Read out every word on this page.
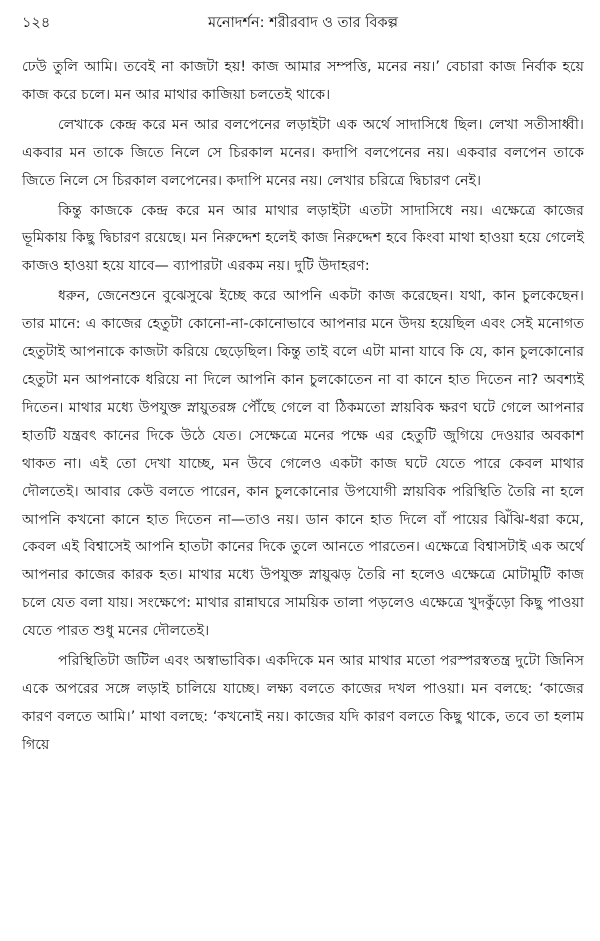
১২৪	মনোদর্শন: শরীরবাদ ও তার বিকল্প

ঢেউ তুলি আমি। তবেই না কাজটা হয়! কাজ আমার সম্পত্তি, মনের নয়।’ বেচারা কাজ নির্বাক হয়ে কাজ করে চলে। মন আর মাথার কাজিয়া চলতেই থাকে।

লেখাকে কেন্দ্র করে মন আর বলপেনের লড়াইটা এক অর্থে সাদাসিধে ছিল। লেখা সতীসাধ্বী। একবার মন তাকে জিতে নিলে সে চিরকাল মনের। কদাপি বলপেনের নয়। একবার বলপেন তাকে জিতে নিলে সে চিরকাল বলপেনের। কদাপি মনের নয়। লেখার চরিত্রে দ্বিচারণ নেই।

কিন্তু কাজকে কেন্দ্র করে মন আর মাথার লড়াইটা এতটা সাদাসিধে নয়। এক্ষেত্রে কাজের ভূমিকায় কিছু দ্বিচারণ রয়েছে। মন নিরুদ্দেশ হলেই কাজ নিরুদ্দেশ হবে কিংবা মাথা হাওয়া হয়ে গেলেই কাজও হাওয়া হয়ে যাবে— ব্যাপারটা এরকম নয়। দুটি উদাহরণ:

ধরুন, জেনেশুনে বুঝেসুঝে ইচ্ছে করে আপনি একটা কাজ করেছেন। যথা, কান চুলকেছেন। তার মানে: এ কাজের হেতুটা কোনো-না-কোনোভাবে আপনার মনে উদয় হয়েছিল এবং সেই মনোগত হেতুটাই আপনাকে কাজটা করিয়ে ছেড়েছিল। কিন্তু তাই বলে এটা মানা যাবে কি যে, কান চুলকোনোর হেতুটা মন আপনাকে ধরিয়ে না দিলে আপনি কান চুলকোতেন না বা কানে হাত দিতেন না? অবশ্যই দিতেন। মাথার মধ্যে উপযুক্ত স্নায়ুতরঙ্গ পৌঁছে গেলে বা ঠিকমতো স্নায়বিক ক্ষরণ ঘটে গেলে আপনার হাতটি যন্ত্রবৎ কানের দিকে উঠে যেত। সেক্ষেত্রে মনের পক্ষে এর হেতুটি জুগিয়ে দেওয়ার অবকাশ থাকত না। এই তো দেখা যাচ্ছে, মন উবে গেলেও একটা কাজ ঘটে যেতে পারে কেবল মাথার দৌলতেই। আবার কেউ বলতে পারেন, কান চুলকোনোর উপযোগী স্নায়বিক পরিস্থিতি তৈরি না হলে আপনি কখনো কানে হাত দিতেন না—তাও নয়। ডান কানে হাত দিলে বাঁ পায়ের ঝিঁঝি-ধরা কমে, কেবল এই বিশ্বাসেই আপনি হাতটা কানের দিকে তুলে আনতে পারতেন। এক্ষেত্রে বিশ্বাসটাই এক অর্থে আপনার কাজের কারক হত। মাথার মধ্যে উপযুক্ত স্নায়ুঝড় তৈরি না হলেও এক্ষেত্রে মোটামুটি কাজ চলে যেত বলা যায়। সংক্ষেপে: মাথার রান্নাঘরে সাময়িক তালা পড়লেও এক্ষেত্রে খুদকুঁড়ো কিছু পাওয়া যেতে পারত শুধু মনের দৌলতেই।

পরিস্থিতিটা জটিল এবং অস্বাভাবিক। একদিকে মন আর মাথার মতো পরস্পরস্বতন্ত্র দুটো জিনিস একে অপরের সঙ্গে লড়াই চালিয়ে যাচ্ছে। লক্ষ্য বলতে কাজের দখল পাওয়া। মন বলছে: ‘কাজের কারণ বলতে আমি।’ মাথা বলছে: ‘কখনোই নয়। কাজের যদি কারণ বলতে কিছু থাকে, তবে তা হলাম গিয়ে
